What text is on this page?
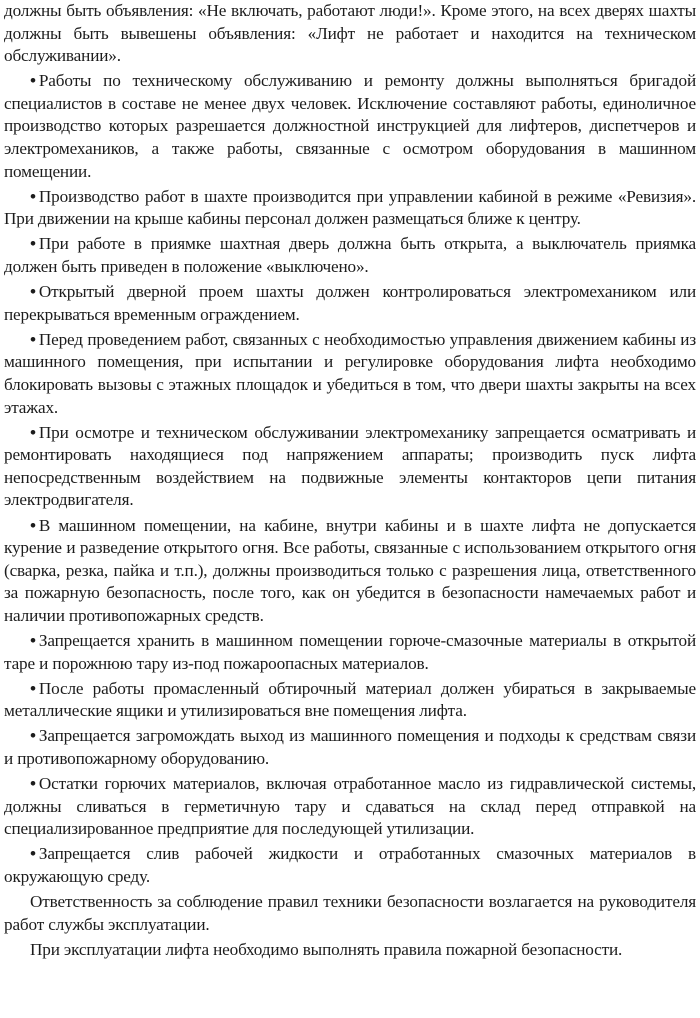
должны быть объявления: «Не включать, работают люди!». Кроме этого, на всех дверях шахты должны быть вывешены объявления: «Лифт не работает и находится на техническом обслуживании».

• Работы по техническому обслуживанию и ремонту должны выполняться бригадой специалистов в составе не менее двух человек. Исключение составляют работы, единоличное производство которых разрешается должностной инструкцией для лифтеров, диспетчеров и электромехаников, а также работы, связанные с осмотром оборудования в машинном помещении.

• Производство работ в шахте производится при управлении кабиной в режиме «Ревизия». При движении на крыше кабины персонал должен размещаться ближе к центру.

• При работе в приямке шахтная дверь должна быть открыта, а выключатель приямка должен быть приведен в положение «выключено».

• Открытый дверной проем шахты должен контролироваться электромехаником или перекрываться временным ограждением.

• Перед проведением работ, связанных с необходимостью управления движением кабины из машинного помещения, при испытании и регулировке оборудования лифта необходимо блокировать вызовы с этажных площадок и убедиться в том, что двери шахты закрыты на всех этажах.

• При осмотре и техническом обслуживании электромеханику запрещается осматривать и ремонтировать находящиеся под напряжением аппараты; производить пуск лифта непосредственным воздействием на подвижные элементы контакторов цепи питания электродвигателя.

• В машинном помещении, на кабине, внутри кабины и в шахте лифта не допускается курение и разведение открытого огня. Все работы, связанные с использованием открытого огня (сварка, резка, пайка и т.п.), должны производиться только с разрешения лица, ответственного за пожарную безопасность, после того, как он убедится в безопасности намечаемых работ и наличии противопожарных средств.

• Запрещается хранить в машинном помещении горюче-смазочные материалы в открытой таре и порожнюю тару из-под пожароопасных материалов.

• После работы промасленный обтирочный материал должен убираться в закрываемые металлические ящики и утилизироваться вне помещения лифта.

• Запрещается загромождать выход из машинного помещения и подходы к средствам связи и противопожарному оборудованию.

• Остатки горючих материалов, включая отработанное масло из гидравлической системы, должны сливаться в герметичную тару и сдаваться на склад перед отправкой на специализированное предприятие для последующей утилизации.

• Запрещается слив рабочей жидкости и отработанных смазочных материалов в окружающую среду.

Ответственность за соблюдение правил техники безопасности возлагается на руководителя работ службы эксплуатации.

При эксплуатации лифта необходимо выполнять правила пожарной безопасности.
